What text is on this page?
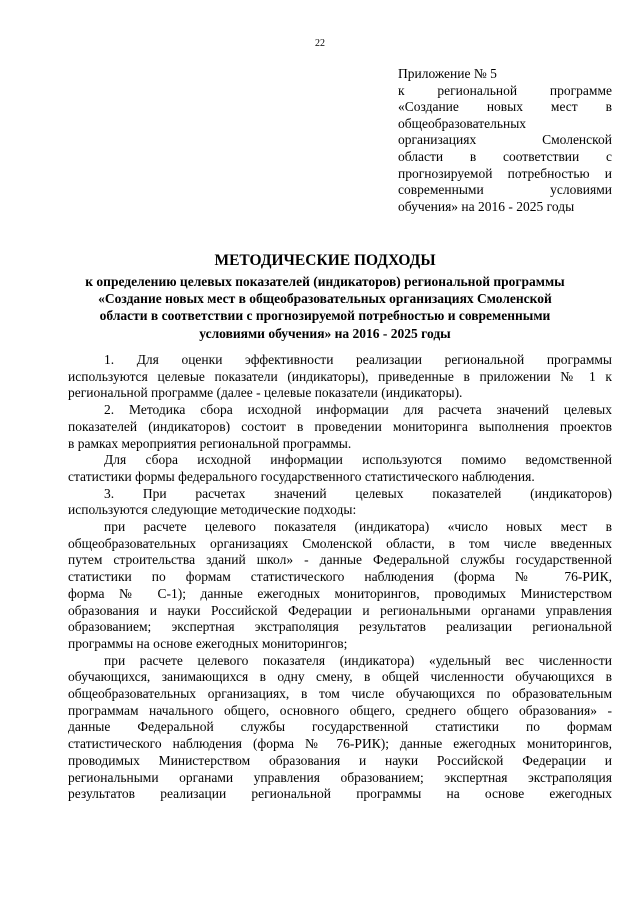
22
Приложение № 5
к региональной программе
«Создание новых мест в
общеобразовательных
организациях Смоленской
области в соответствии с
прогнозируемой потребностью и
современными условиями
обучения» на 2016 - 2025 годы
МЕТОДИЧЕСКИЕ ПОДХОДЫ
к определению целевых показателей (индикаторов) региональной программы
«Создание новых мест в общеобразовательных организациях Смоленской
области в соответствии с прогнозируемой потребностью и современными
условиями обучения» на 2016 - 2025 годы
1. Для оценки эффективности реализации региональной программы
используются целевые показатели (индикаторы), приведенные в приложении № 1 к
региональной программе (далее - целевые показатели (индикаторы).
2. Методика сбора исходной информации для расчета значений целевых
показателей (индикаторов) состоит в проведении мониторинга выполнения проектов
в рамках мероприятия региональной программы.
Для сбора исходной информации используются помимо ведомственной
статистики формы федерального государственного статистического наблюдения.
3. При расчетах значений целевых показателей (индикаторов)
используются следующие методические подходы:
при расчете целевого показателя (индикатора) «число новых мест в
общеобразовательных организациях Смоленской области, в том числе введенных
путем строительства зданий школ» - данные Федеральной службы государственной
статистики по формам статистического наблюдения (форма № 76-РИК,
форма № С-1); данные ежегодных мониторингов, проводимых Министерством
образования и науки Российской Федерации и региональными органами управления
образованием; экспертная экстраполяция результатов реализации региональной
программы на основе ежегодных мониторингов;
при расчете целевого показателя (индикатора) «удельный вес численности
обучающихся, занимающихся в одну смену, в общей численности обучающихся в
общеобразовательных организациях, в том числе обучающихся по образовательным
программам начального общего, основного общего, среднего общего образования» -
данные Федеральной службы государственной статистики по формам
статистического наблюдения (форма № 76-РИК); данные ежегодных мониторингов,
проводимых Министерством образования и науки Российской Федерации и
региональными органами управления образованием; экспертная экстраполяция
результатов реализации региональной программы на основе ежегодных
